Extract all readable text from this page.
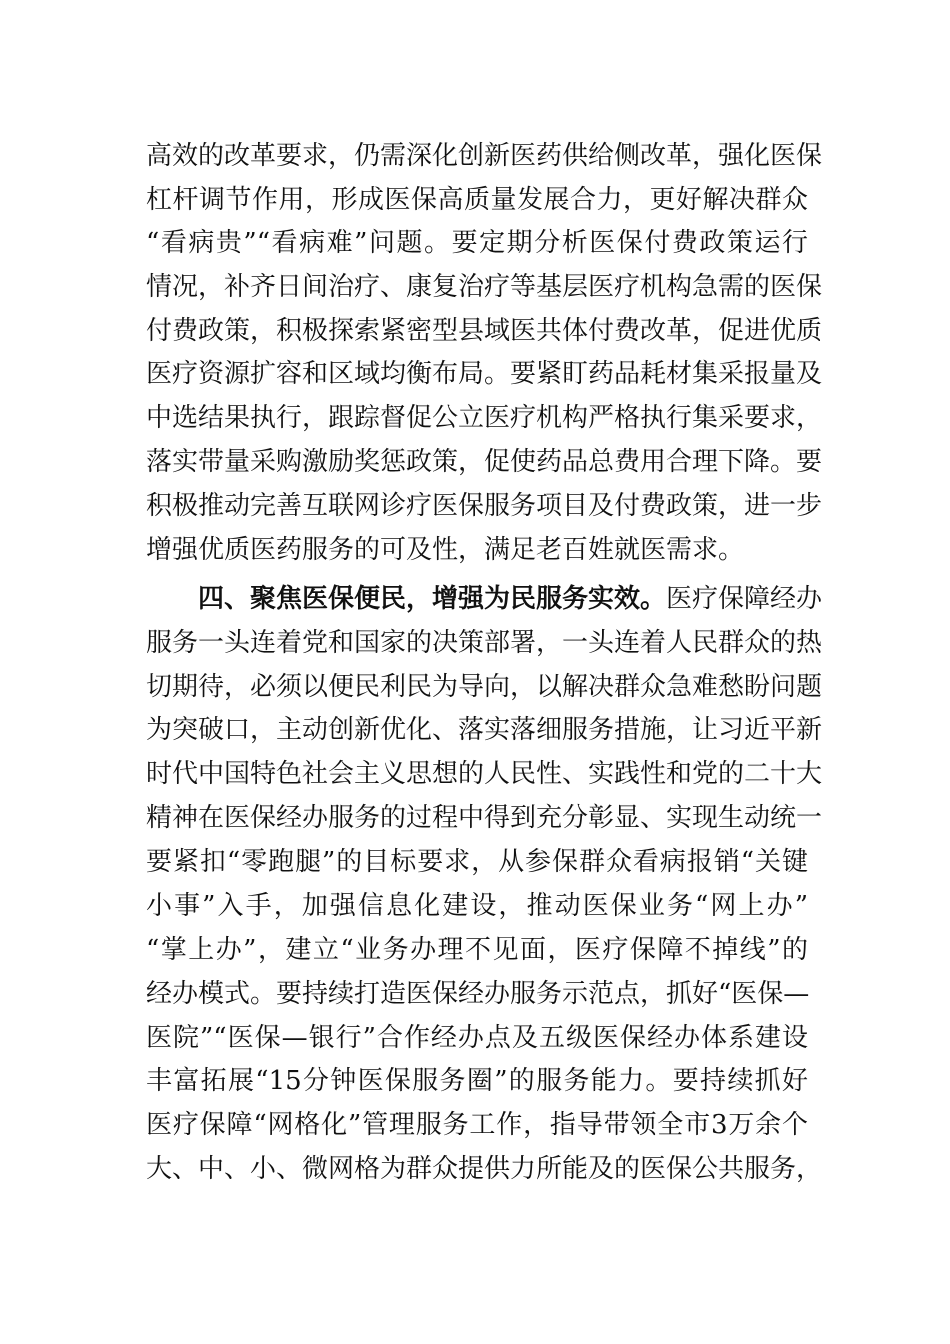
高效的改革要求，仍需深化创新医药供给侧改革，强化医保
杠杆调节作用，形成医保高质量发展合力，更好解决群众
“看病贵”“看病难”问题。要定期分析医保付费政策运行
情况，补齐日间治疗、康复治疗等基层医疗机构急需的医保
付费政策，积极探索紧密型县域医共体付费改革，促进优质
医疗资源扩容和区域均衡布局。要紧盯药品耗材集采报量及
中选结果执行，跟踪督促公立医疗机构严格执行集采要求，
落实带量采购激励奖惩政策，促使药品总费用合理下降。要
积极推动完善互联网诊疗医保服务项目及付费政策，进一步
增强优质医药服务的可及性，满足老百姓就医需求。
四、聚焦医保便民，增强为民服务实效。医疗保障经办
服务一头连着党和国家的决策部署，一头连着人民群众的热
切期待，必须以便民利民为导向，以解决群众急难愁盼问题
为突破口，主动创新优化、落实落细服务措施，让习近平新
时代中国特色社会主义思想的人民性、实践性和党的二十大
精神在医保经办服务的过程中得到充分彰显、实现生动统一
要紧扣“零跑腿”的目标要求，从参保群众看病报销“关键
小事”入手，加强信息化建设，推动医保业务“网上办”
“掌上办”，建立“业务办理不见面，医疗保障不掉线”的
经办模式。要持续打造医保经办服务示范点，抓好“医保—
医院”“医保—银行”合作经办点及五级医保经办体系建设
丰富拓展“15分钟医保服务圈”的服务能力。要持续抓好
医疗保障“网格化”管理服务工作，指导带领全市3万余个
大、中、小、微网格为群众提供力所能及的医保公共服务，
